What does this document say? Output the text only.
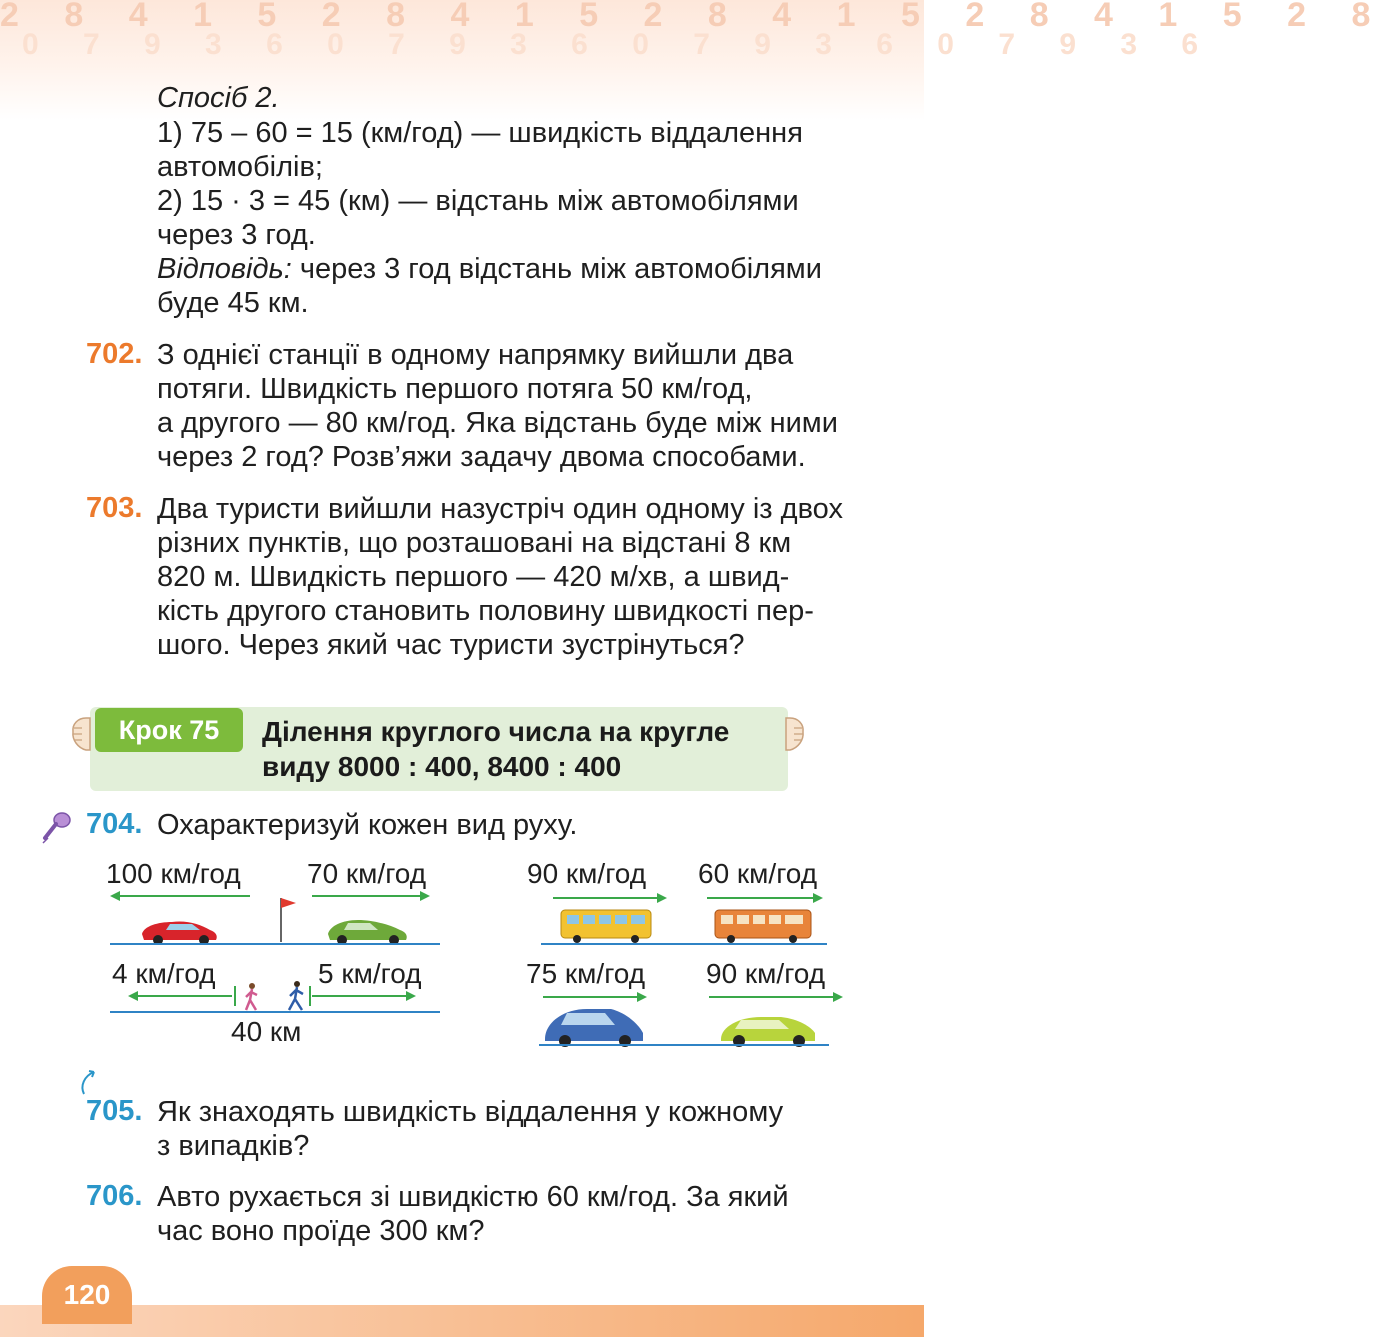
2 8 4 1 5 2 8 4 1 5 2 8 4 1 5 2 8 4 1 5 2 8
0 7 9 3 6 0 7 9 3 6 0 7 9 3 6 0 7 9 3 6
Спосіб 2.
1) 75 – 60 = 15 (км/год) — швидкість віддалення
автомобілів;
2) 15 · 3 = 45 (км) — відстань між автомобілями
через 3 год.
Відповідь: через 3 год відстань між автомобілями
буде 45 км.
702. З однієї станції в одному напрямку вийшли два
потяги. Швидкість першого потяга 50 км/год,
а другого — 80 км/год. Яка відстань буде між ними
через 2 год? Розв’яжи задачу двома способами.
703. Два туристи вийшли назустріч один одному із двох
різних пунктів, що розташовані на відстані 8 км
820 м. Швидкість першого — 420 м/хв, а швид-
кість другого становить половину швидкості пер-
шого. Через який час туристи зустрінуться?
Крок 75	Ділення круглого числа на кругле
виду 8000 : 400, 8400 : 400
704. Охарактеризуй кожен вид руху.
100 км/год 70 км/год	90 км/год 60 км/год
4 км/год	5 км/год
40 км
75 км/год 90 км/год
705. Як знаходять швидкість віддалення у кожному
з випадків?
706. Авто рухається зі швидкістю 60 км/год. За який
час воно проїде 300 км?
120
